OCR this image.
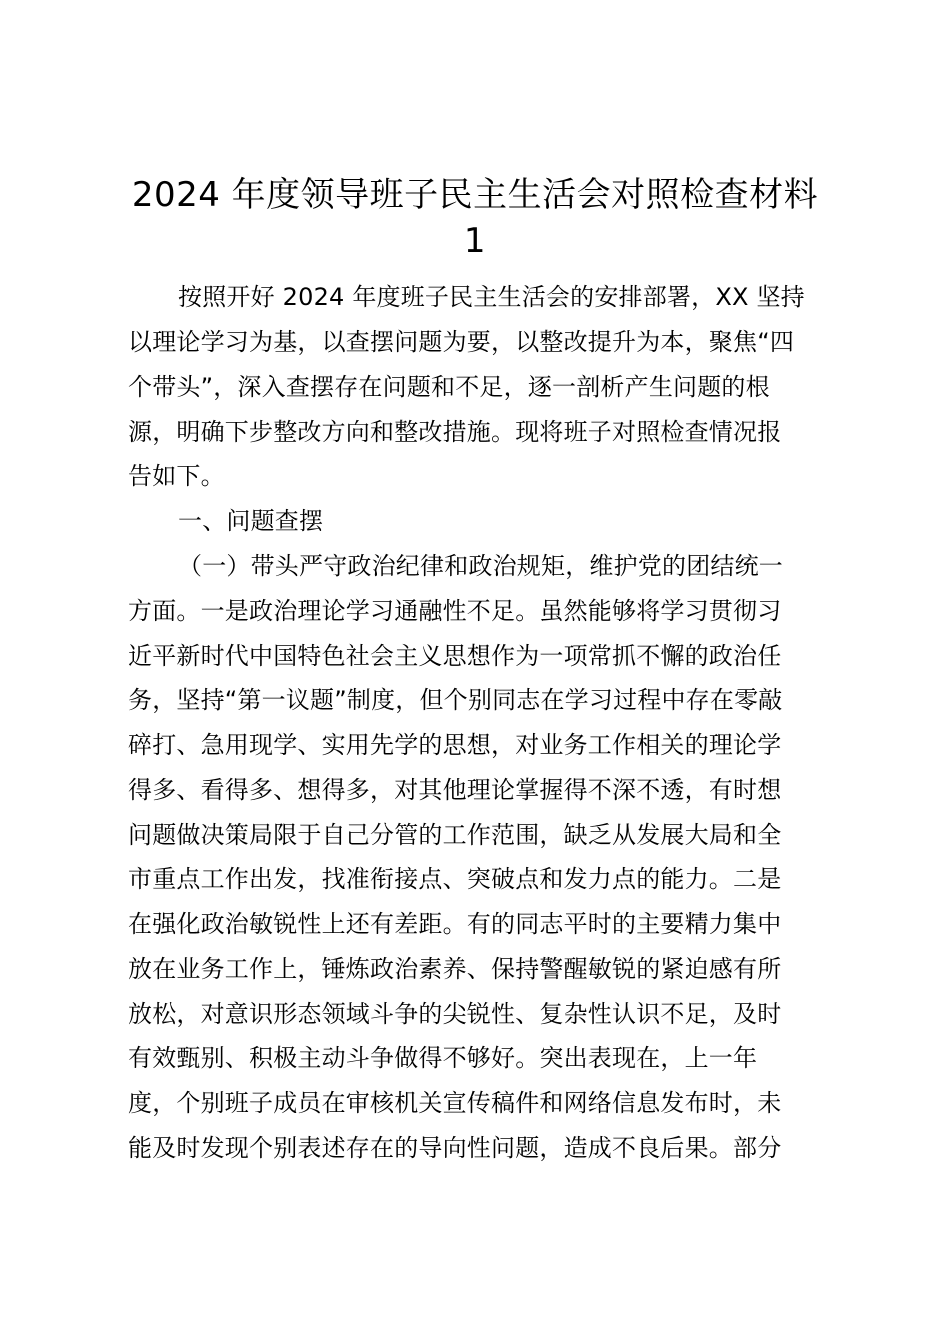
2024 年度领导班子民主生活会对照检查材料
1
按照开好 2024 年度班子民主生活会的安排部署，XX 坚持
以理论学习为基，以查摆问题为要，以整改提升为本，聚焦“四
个带头”，深入查摆存在问题和不足，逐一剖析产生问题的根
源，明确下步整改方向和整改措施。现将班子对照检查情况报
告如下。
一、问题查摆
（一）带头严守政治纪律和政治规矩，维护党的团结统一
方面。一是政治理论学习通融性不足。虽然能够将学习贯彻习
近平新时代中国特色社会主义思想作为一项常抓不懈的政治任
务，坚持“第一议题”制度，但个别同志在学习过程中存在零敲
碎打、急用现学、实用先学的思想，对业务工作相关的理论学
得多、看得多、想得多，对其他理论掌握得不深不透，有时想
问题做决策局限于自己分管的工作范围，缺乏从发展大局和全
市重点工作出发，找准衔接点、突破点和发力点的能力。二是
在强化政治敏锐性上还有差距。有的同志平时的主要精力集中
放在业务工作上，锤炼政治素养、保持警醒敏锐的紧迫感有所
放松，对意识形态领域斗争的尖锐性、复杂性认识不足，及时
有效甄别、积极主动斗争做得不够好。突出表现在，上一年
度，个别班子成员在审核机关宣传稿件和网络信息发布时，未
能及时发现个别表述存在的导向性问题，造成不良后果。部分
